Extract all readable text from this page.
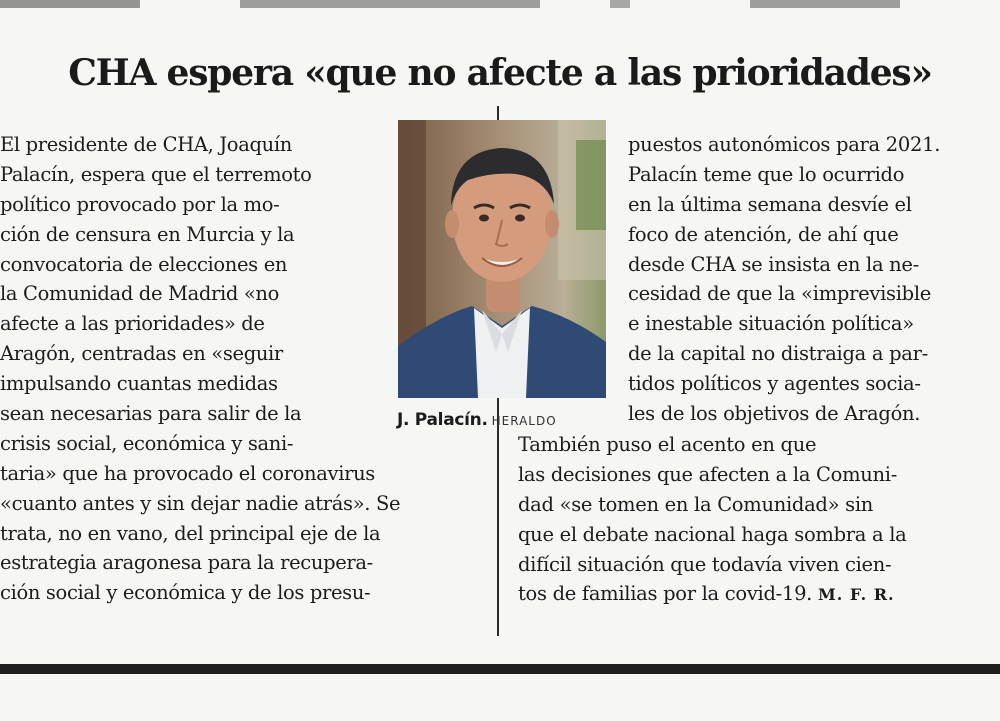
CHA espera «que no afecte a las prioridades»
El presidente de CHA, Joaquín
Palacín, espera que el terremoto
político provocado por la mo-
ción de censura en Murcia y la
convocatoria de elecciones en
la Comunidad de Madrid «no
afecte a las prioridades» de
Aragón, centradas en «seguir
impulsando cuantas medidas
sean necesarias para salir de la
crisis social, económica y sani-
taria» que ha provocado el coronavirus
«cuanto antes y sin dejar nadie atrás». Se
trata, no en vano, del principal eje de la
estrategia aragonesa para la recupera-
ción social y económica y de los presu-
J. Palacín. HERALDO
puestos autonómicos para 2021.
Palacín teme que lo ocurrido
en la última semana desvíe el
foco de atención, de ahí que
desde CHA se insista en la ne-
cesidad de que la «imprevisible
e inestable situación política»
de la capital no distraiga a par-
tidos políticos y agentes socia-
les de los objetivos de Aragón.
También puso el acento en que
las decisiones que afecten a la Comuni-
dad «se tomen en la Comunidad» sin
que el debate nacional haga sombra a la
difícil situación que todavía viven cien-
tos de familias por la covid-19. M. F. R.
